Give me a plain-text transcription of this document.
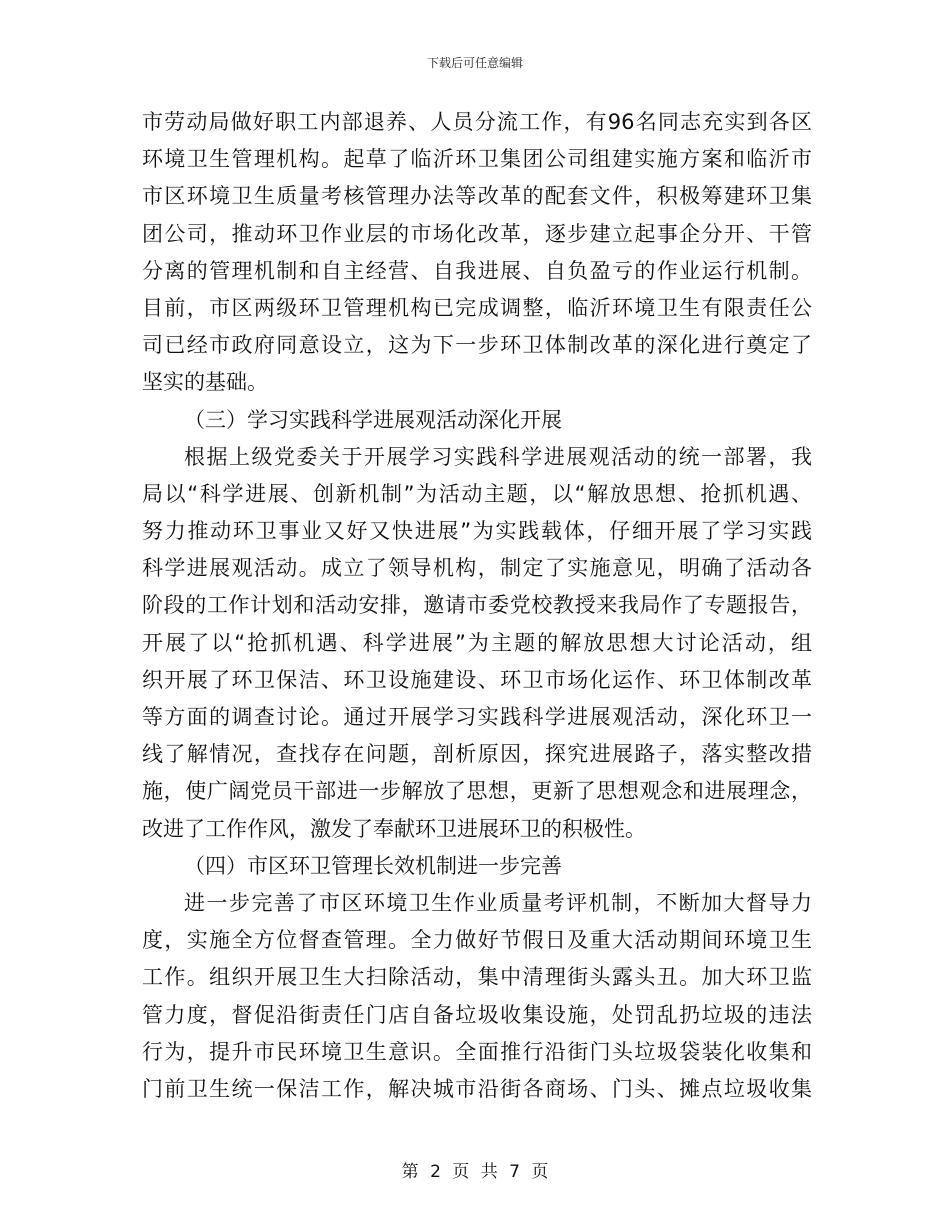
下载后可任意编辑
市劳动局做好职工内部退养、人员分流工作，有96名同志充实到各区
环境卫生管理机构。起草了临沂环卫集团公司组建实施方案和临沂市
市区环境卫生质量考核管理办法等改革的配套文件，积极筹建环卫集
团公司，推动环卫作业层的市场化改革，逐步建立起事企分开、干管
分离的管理机制和自主经营、自我进展、自负盈亏的作业运行机制。
目前，市区两级环卫管理机构已完成调整，临沂环境卫生有限责任公
司已经市政府同意设立，这为下一步环卫体制改革的深化进行奠定了
坚实的基础。
（三）学习实践科学进展观活动深化开展
根据上级党委关于开展学习实践科学进展观活动的统一部署，我
局以“科学进展、创新机制”为活动主题，以“解放思想、抢抓机遇、
努力推动环卫事业又好又快进展”为实践载体，仔细开展了学习实践
科学进展观活动。成立了领导机构，制定了实施意见，明确了活动各
阶段的工作计划和活动安排，邀请市委党校教授来我局作了专题报告，
开展了以“抢抓机遇、科学进展”为主题的解放思想大讨论活动，组
织开展了环卫保洁、环卫设施建设、环卫市场化运作、环卫体制改革
等方面的调查讨论。通过开展学习实践科学进展观活动，深化环卫一
线了解情况，查找存在问题，剖析原因，探究进展路子，落实整改措
施，使广阔党员干部进一步解放了思想，更新了思想观念和进展理念，
改进了工作作风，激发了奉献环卫进展环卫的积极性。
（四）市区环卫管理长效机制进一步完善
进一步完善了市区环境卫生作业质量考评机制，不断加大督导力
度，实施全方位督查管理。全力做好节假日及重大活动期间环境卫生
工作。组织开展卫生大扫除活动，集中清理街头露头丑。加大环卫监
管力度，督促沿街责任门店自备垃圾收集设施，处罚乱扔垃圾的违法
行为，提升市民环境卫生意识。全面推行沿街门头垃圾袋装化收集和
门前卫生统一保洁工作，解决城市沿街各商场、门头、摊点垃圾收集
第 2 页 共 7 页
